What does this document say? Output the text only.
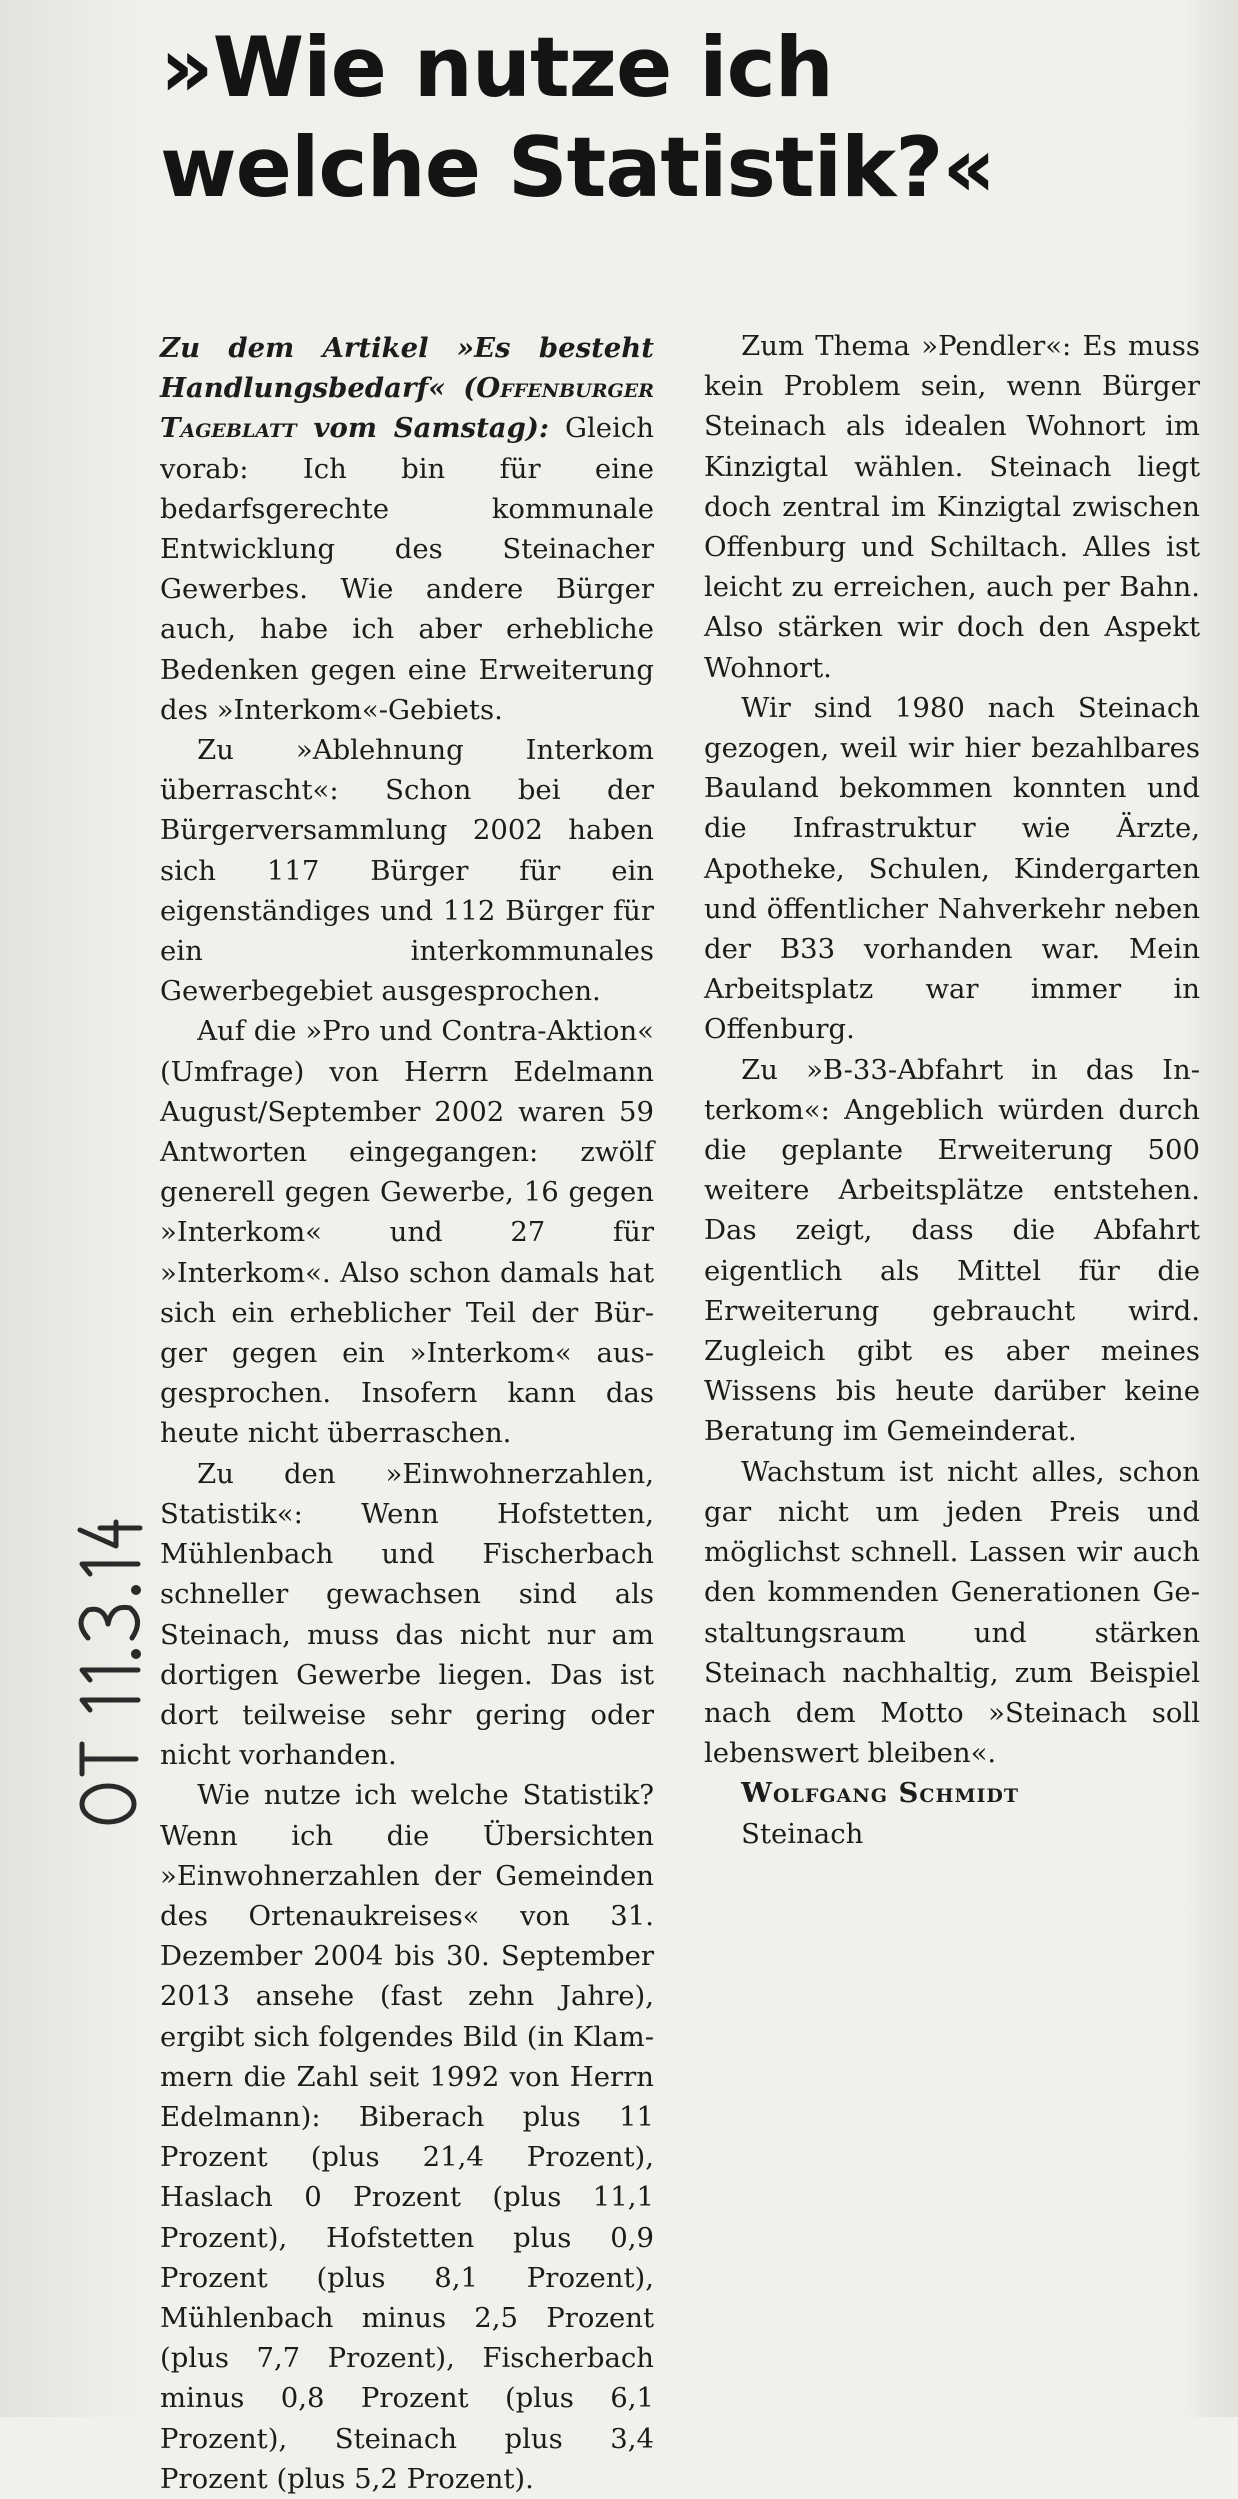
»Wie nutze ich
welche Statistik?«

Zu dem Artikel »Es besteht Handlungsbedarf« (Offenburger Tageblatt vom Samstag): Gleich vorab: Ich bin für eine bedarfsgerechte kommunale Entwicklung des Steinacher Gewerbes. Wie andere Bürger auch, habe ich aber erhebliche Bedenken gegen eine Erweiterung des »Interkom«-Gebiets.

Zu »Ablehnung Interkom überrascht«: Schon bei der Bürgerversammlung 2002 haben sich 117 Bürger für ein eigenständiges und 112 Bürger für ein interkommunales Gewerbegebiet ausgesprochen.

Auf die »Pro und Contra-Aktion« (Umfrage) von Herrn Edelmann August/September 2002 waren 59 Antworten eingegangen: zwölf generell gegen Gewerbe, 16 gegen »Interkom« und 27 für »Interkom«. Also schon damals hat sich ein erheblicher Teil der Bürger gegen ein »Interkom« ausgesprochen. Insofern kann das heute nicht überraschen.

Zu den »Einwohnerzahlen, Statistik«: Wenn Hofstetten, Mühlenbach und Fischerbach schneller gewachsen sind als Steinach, muss das nicht nur am dortigen Gewerbe liegen. Das ist dort teilweise sehr gering oder nicht vorhanden.

Wie nutze ich welche Statistik? Wenn ich die Übersichten »Einwohnerzahlen der Gemeinden des Ortenaukreises« von 31. Dezember 2004 bis 30. September 2013 ansehe (fast zehn Jahre), ergibt sich folgendes Bild (in Klammern die Zahl seit 1992 von Herrn Edelmann): Biberach plus 11 Prozent (plus 21,4 Prozent), Haslach 0 Prozent (plus 11,1 Prozent), Hofstetten plus 0,9 Prozent (plus 8,1 Prozent), Mühlenbach minus 2,5 Prozent (plus 7,7 Prozent), Fischerbach minus 0,8 Prozent (plus 6,1 Prozent), Steinach plus 3,4 Prozent (plus 5,2 Prozent).

Zum Thema »Pendler«: Es muss kein Problem sein, wenn Bürger Steinach als idealen Wohnort im Kinzigtal wählen. Steinach liegt doch zentral im Kinzigtal zwischen Offenburg und Schiltach. Alles ist leicht zu erreichen, auch per Bahn. Also stärken wir doch den Aspekt Wohnort.

Wir sind 1980 nach Steinach gezogen, weil wir hier bezahlbares Bauland bekommen konnten und die Infrastruktur wie Ärzte, Apotheke, Schulen, Kindergarten und öffentlicher Nahverkehr neben der B33 vorhanden war. Mein Arbeitsplatz war immer in Offenburg.

Zu »B-33-Abfahrt in das Interkom«: Angeblich würden durch die geplante Erweiterung 500 weitere Arbeitsplätze entstehen. Das zeigt, dass die Abfahrt eigentlich als Mittel für die Erweiterung gebraucht wird. Zugleich gibt es aber meines Wissens bis heute darüber keine Beratung im Gemeinderat.

Wachstum ist nicht alles, schon gar nicht um jeden Preis und möglichst schnell. Lassen wir auch den kommenden Generationen Gestaltungsraum und stärken Steinach nachhaltig, zum Beispiel nach dem Motto »Steinach soll lebenswert bleiben«.

Wolfgang Schmidt

Steinach
